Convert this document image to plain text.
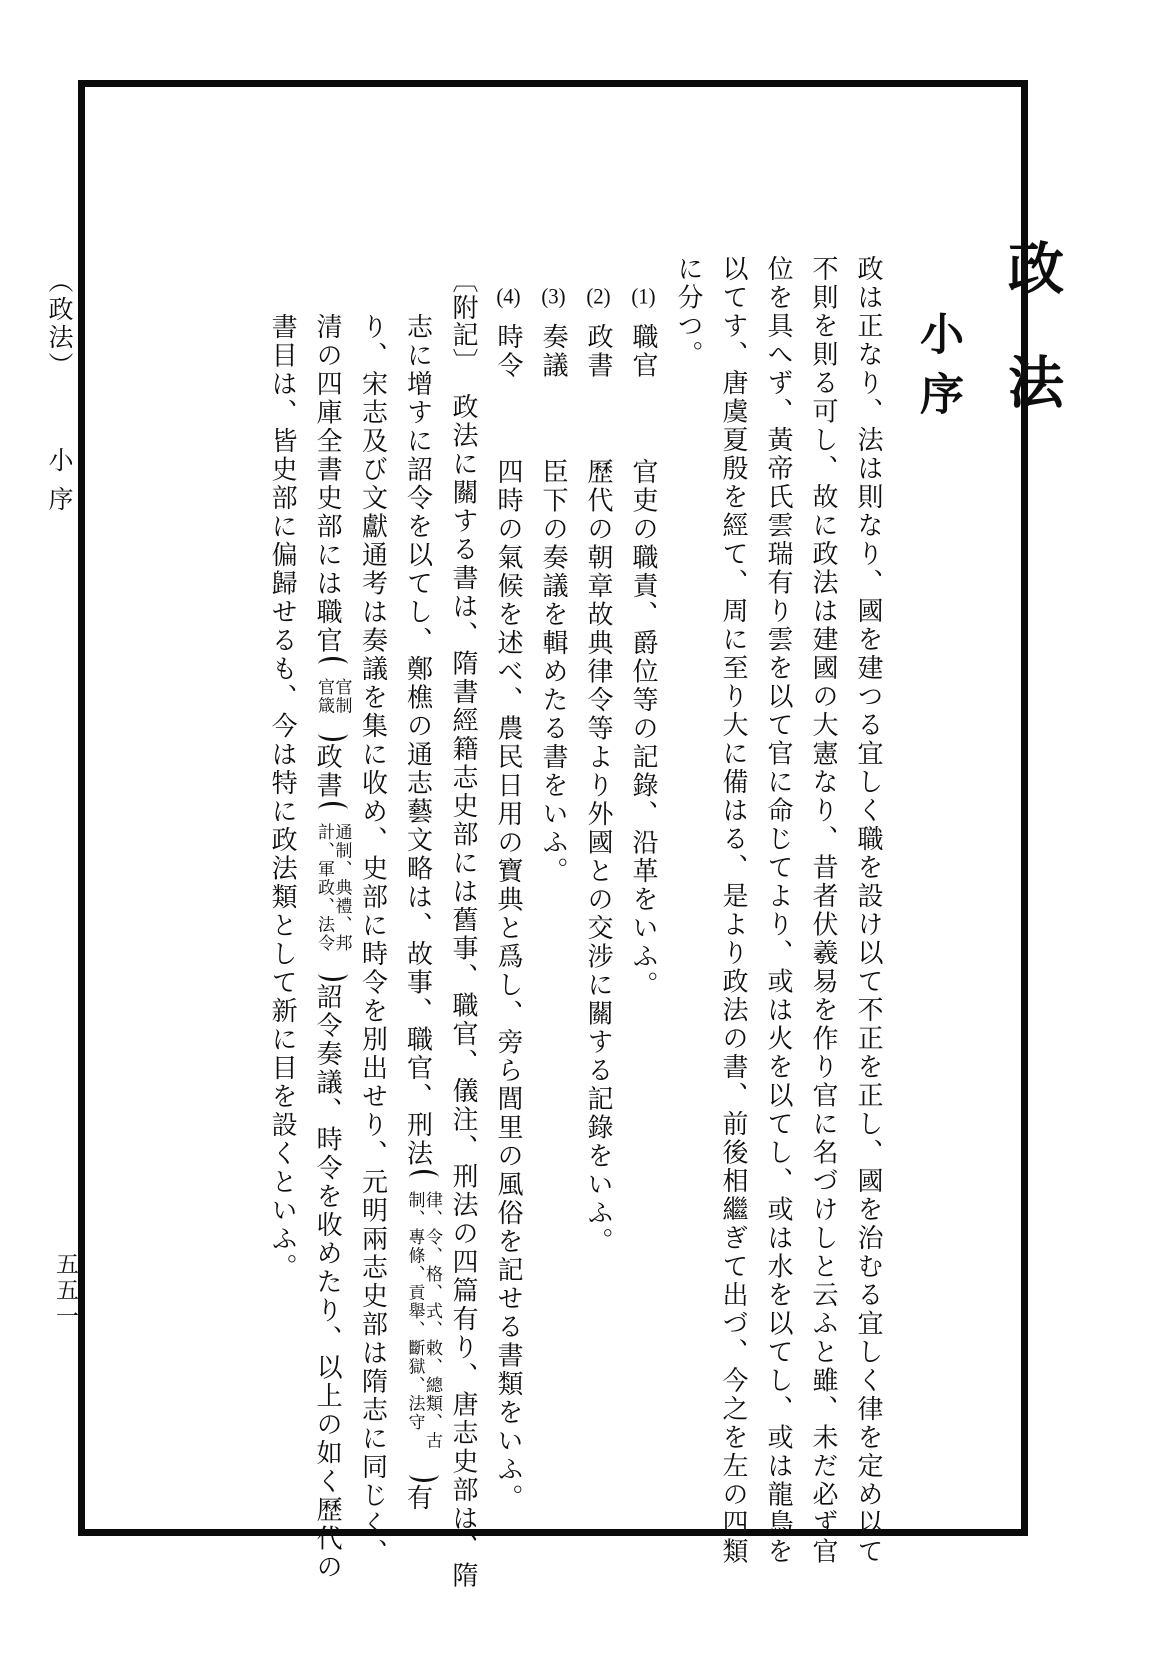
政法
小序
政は正なり、法は則なり、國を建つる宜しく職を設け以て不正を正し、國を治むる宜しく律を定め以て
不則を則る可し、故に政法は建國の大憲なり、昔者伏羲易を作り官に名づけしと云ふと雖、未だ必ず官
位を具へず、黃帝氏雲瑞有り雲を以て官に命じてより、或は火を以てし、或は水を以てし、或は龍鳥を
以てす、唐虞夏殷を經て、周に至り大に備はる、是より政法の書、前後相繼ぎて出づ、今之を左の四類
に分つ。
(1)職官官吏の職責、爵位等の記錄、沿革をいふ。
(2)政書歷代の朝章故典律令等より外國との交涉に關する記錄をいふ。
(3)奏議臣下の奏議を輯めたる書をいふ。
(4)時令四時の氣候を述べ、農民日用の寶典と爲し、旁ら閭里の風俗を記せる書類をいふ。
〔附記〕政法に關する書は、隋書經籍志史部には舊事、職官、儀注、刑法の四篇有り、唐志史部は、隋
志に增すに詔令を以てし、鄭樵の通志藝文略は、故事、職官、刑法
律、令、格、式、敕、總類、古
制、專條、貢舉、斷獄、法守
有
り、宋志及び文獻通考は奏議を集に收め、史部に時令を別出せり、元明兩志史部は隋志に同じく、
清の四庫全書史部には職官
官制
官箴
政書
通制、典禮、邦
計、軍政、法令
詔令奏議、時令を收めたり、以上の如く歷代の
書目は、皆史部に偏歸せるも、今は特に政法類として新に目を設くといふ。
（政法） 小序
五五一
